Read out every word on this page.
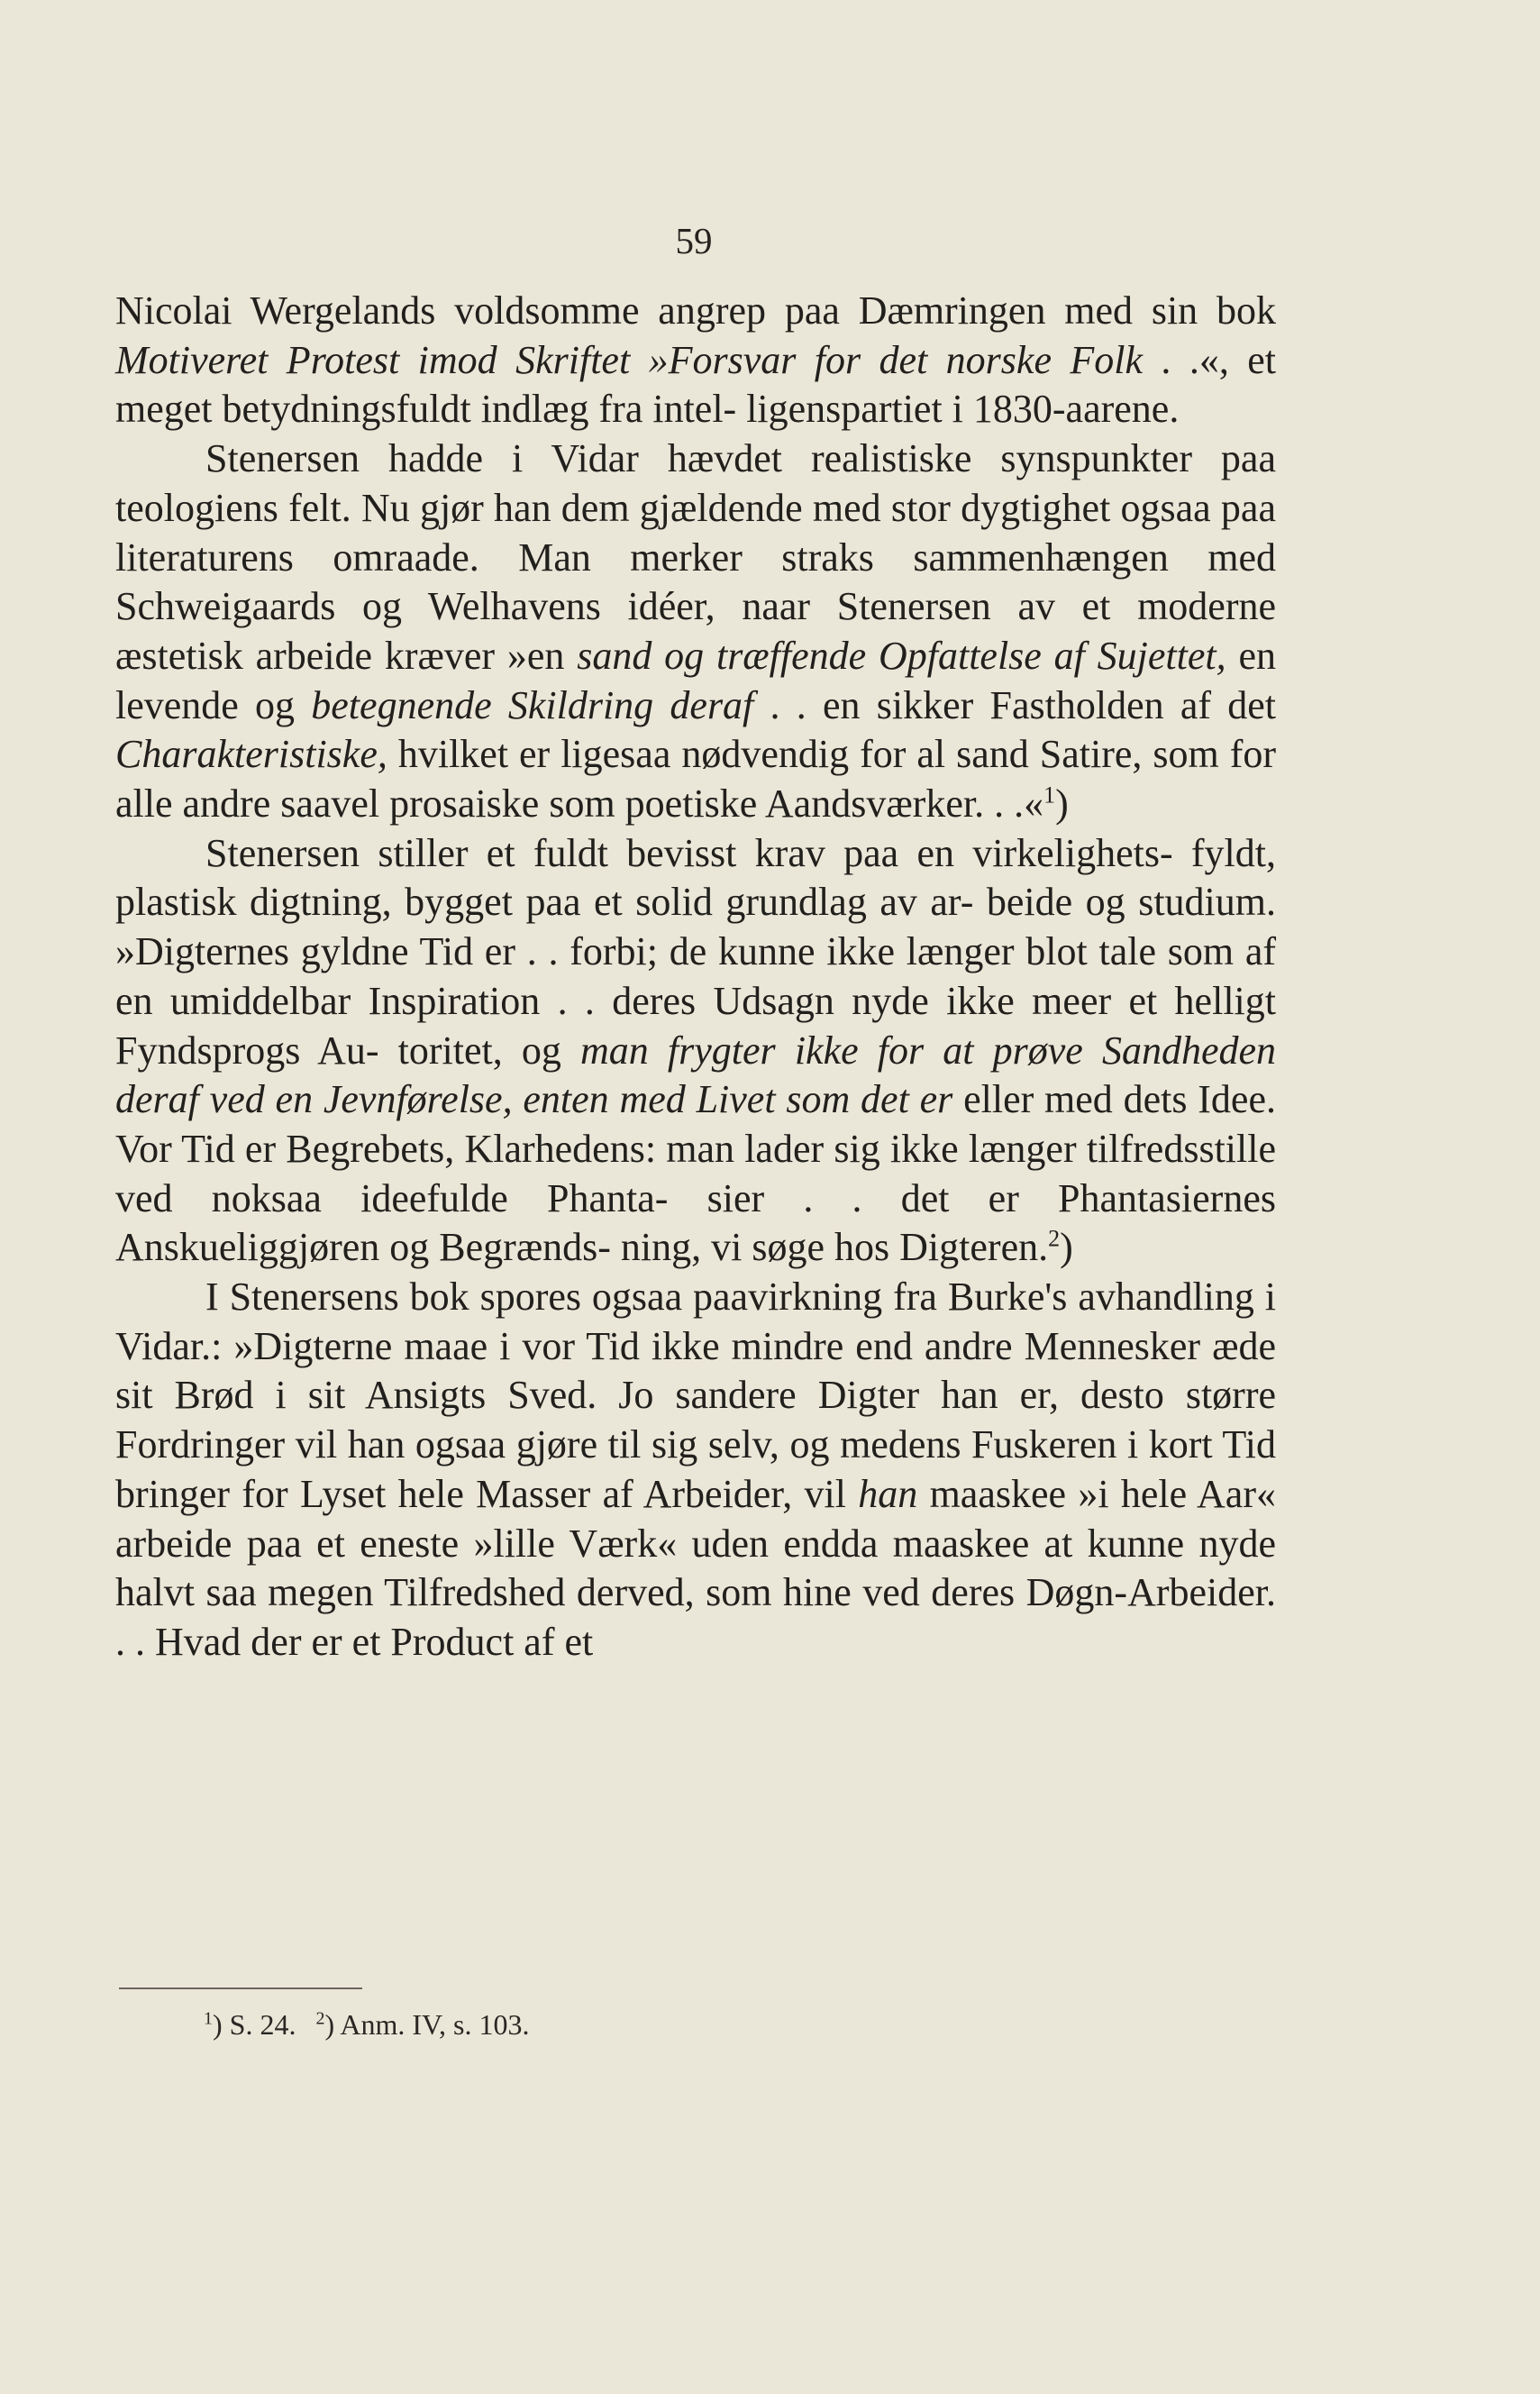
59

Nicolai Wergelands voldsomme angrep paa Dæmringen med sin bok Motiveret Protest imod Skriftet »Forsvar for det norske Folk . .«, et meget betydningsfuldt indlæg fra intel- ligenspartiet i 1830-aarene.

Stenersen hadde i Vidar hævdet realistiske synspunkter paa teologiens felt. Nu gjør han dem gjældende med stor dygtighet ogsaa paa literaturens omraade. Man merker straks sammenhængen med Schweigaards og Welhavens idéer, naar Stenersen av et moderne æstetisk arbeide kræver »en sand og træffende Opfattelse af Sujettet, en levende og betegnende Skildring deraf . . en sikker Fastholden af det Charakteristiske, hvilket er ligesaa nødvendig for al sand Satire, som for alle andre saavel prosaiske som poetiske Aandsværker. . .«$^1$)

Stenersen stiller et fuldt bevisst krav paa en virkelighets- fyldt, plastisk digtning, bygget paa et solid grundlag av ar- beide og studium. »Digternes gyldne Tid er . . forbi; de kunne ikke længer blot tale som af en umiddelbar Inspiration . . deres Udsagn nyde ikke meer et helligt Fyndsprogs Au- toritet, og man frygter ikke for at prøve Sandheden deraf ved en Jevnførelse, enten med Livet som det er eller med dets Idee. Vor Tid er Begrebets, Klarhedens: man lader sig ikke længer tilfredsstille ved noksaa ideefulde Phanta- sier . . det er Phantasiernes Anskueliggjøren og Begrænds- ning, vi søge hos Digteren.$^2$)

I Stenersens bok spores ogsaa paavirkning fra Burke's avhandling i Vidar.: »Digterne maae i vor Tid ikke mindre end andre Mennesker æde sit Brød i sit Ansigts Sved. Jo sandere Digter han er, desto større Fordringer vil han ogsaa gjøre til sig selv, og medens Fuskeren i kort Tid bringer for Lyset hele Masser af Arbeider, vil han maaskee »i hele Aar« arbeide paa et eneste »lille Værk« uden endda maaskee at kunne nyde halvt saa megen Tilfredshed derved, som hine ved deres Døgn-Arbeider. . . Hvad der er et Product af et

$^1$) S. 24. $^2$) Anm. IV, s. 103.
